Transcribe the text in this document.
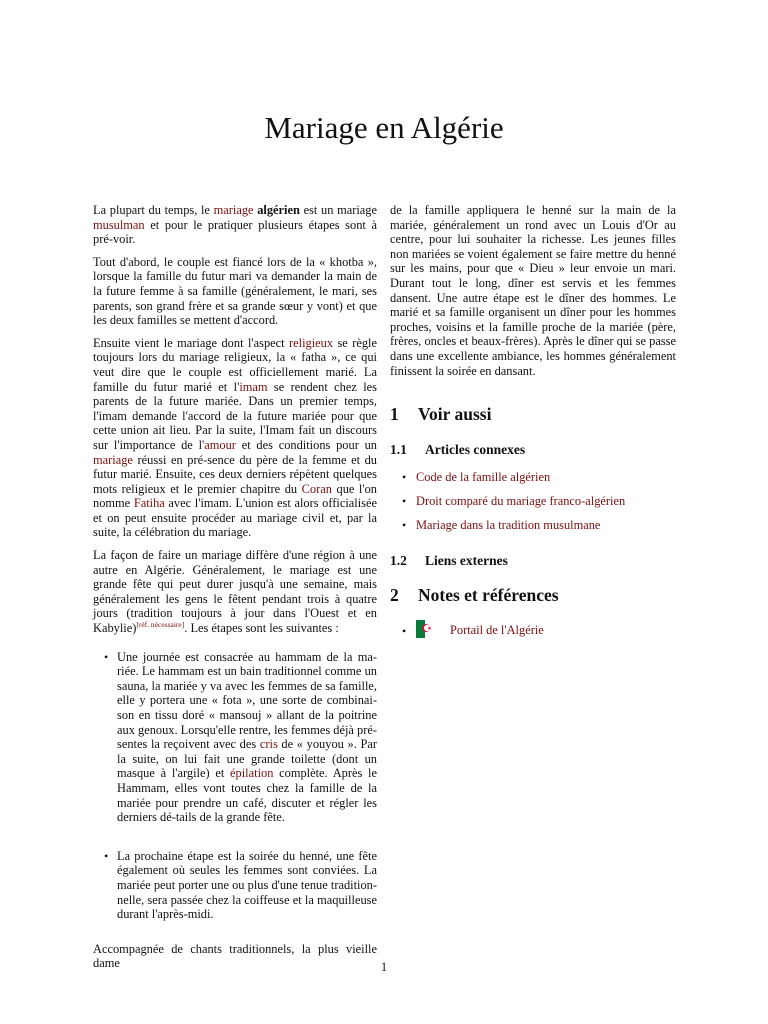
Mariage en Algérie

La plupart du temps, le mariage algérien est un mariage musulman et pour le pratiquer plusieurs étapes sont à pré-voir.

Tout d'abord, le couple est fiancé lors de la « khotba », lorsque la famille du futur mari va demander la main de la future femme à sa famille (généralement, le mari, ses parents, son grand frère et sa grande sœur y vont) et que les deux familles se mettent d'accord.

Ensuite vient le mariage dont l'aspect religieux se règle toujours lors du mariage religieux, la « fatha », ce qui veut dire que le couple est officiellement marié. La famille du futur marié et l'imam se rendent chez les parents de la future mariée. Dans un premier temps, l'imam demande l'accord de la future mariée pour que cette union ait lieu. Par la suite, l'Imam fait un discours sur l'importance de l'amour et des conditions pour un mariage réussi en pré-sence du père de la femme et du futur marié. Ensuite, ces deux derniers répètent quelques mots religieux et le premier chapitre du Coran que l'on nomme Fatiha avec l'imam. L'union est alors officialisée et on peut ensuite procéder au mariage civil et, par la suite, la célébration du mariage.

La façon de faire un mariage diffère d'une région à une autre en Algérie. Généralement, le mariage est une grande fête qui peut durer jusqu'à une semaine, mais généralement les gens le fêtent pendant trois à quatre jours (tradition toujours à jour dans l'Ouest et en Kabylie)[réf. nécessaire]. Les étapes sont les suivantes :

• Une journée est consacrée au hammam de la ma-riée. Le hammam est un bain traditionnel comme un sauna, la mariée y va avec les femmes de sa famille, elle y portera une « fota », une sorte de combinai-son en tissu doré « mansouj » allant de la poitrine aux genoux. Lorsqu'elle rentre, les femmes déjà pré-sentes la reçoivent avec des cris de « youyou ». Par la suite, on lui fait une grande toilette (dont un masque à l'argile) et épilation complète. Après le Hammam, elles vont toutes chez la famille de la mariée pour prendre un café, discuter et régler les derniers dé-tails de la grande fête.
• La prochaine étape est la soirée du henné, une fête également où seules les femmes sont conviées. La mariée peut porter une ou plus d'une tenue tradition-nelle, sera passée chez la coiffeuse et la maquilleuse durant l'après-midi.

Accompagnée de chants traditionnels, la plus vieille dame

de la famille appliquera le henné sur la main de la mariée, généralement un rond avec un Louis d'Or au centre, pour lui souhaiter la richesse. Les jeunes filles non mariées se voient également se faire mettre du henné sur les mains, pour que « Dieu » leur envoie un mari. Durant tout le long, dîner est servis et les femmes dansent. Une autre étape est le dîner des hommes. Le marié et sa famille organisent un dîner pour les hommes proches, voisins et la famille proche de la mariée (père, frères, oncles et beaux-frères). Après le dîner qui se passe dans une excellente ambiance, les hommes généralement finissent la soirée en dansant.

1 Voir aussi
1.1 Articles connexes
• Code de la famille algérien
• Droit comparé du mariage franco-algérien
• Mariage dans la tradition musulmane
1.2 Liens externes
2 Notes et références
•	Portail de l'Algérie
1
